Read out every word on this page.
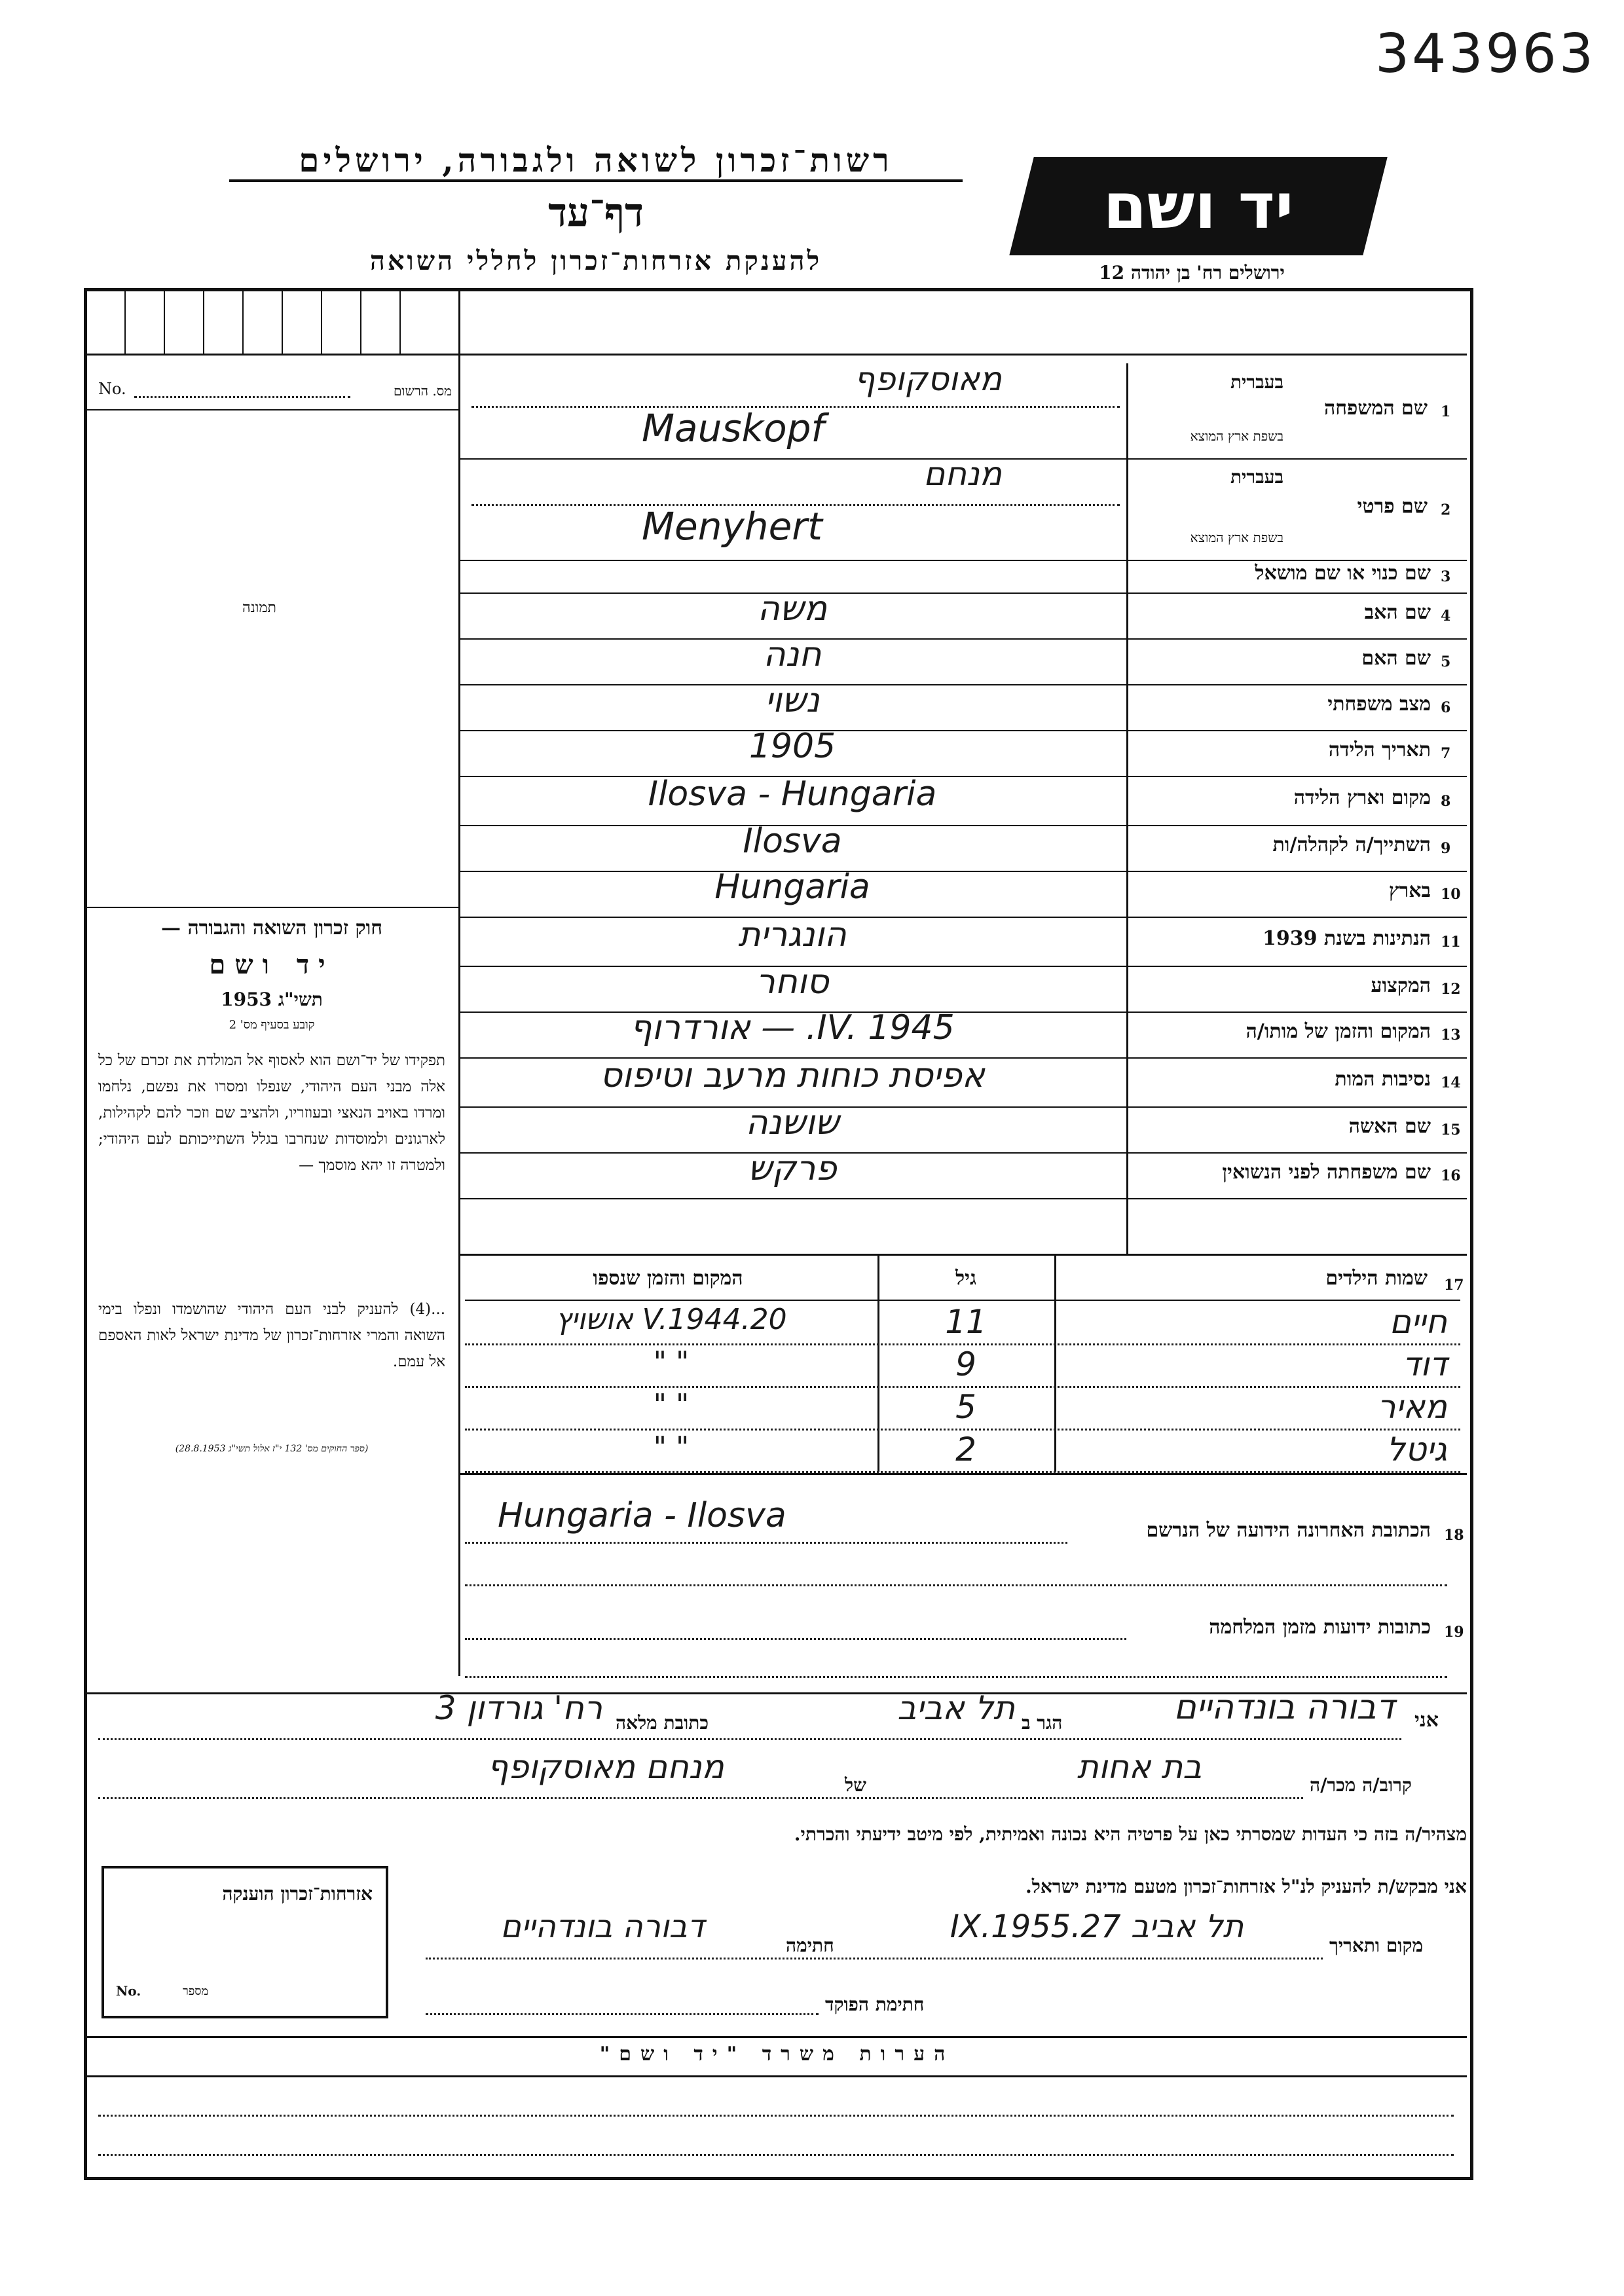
343963
רשות־זכרון לשואה ולגבורה, ירושלים
דף־עד
להענקת אזרחות־זכרון לחללי השואה
יד ושם
ירושלים רח' בן יהודה 12
No.	מס. הרשום
תמונה
חוק זכרון השואה והגבורה —
יד ושם
תשי"ג 1953
קובע בסעיף מס' 2
תפקידו של יד־ושם הוא לאסוף אל המולדת את זכרם של כל אלה מבני העם היהודי, שנפלו ומסרו את נפשם, נלחמו ומרדו באויב הנאצי ובעוזריו, ולהציב שם וזכר להם לקהילות, לארגונים ולמוסדות שנחרבו בגלל השתייכותם לעם היהודי; ולמטרה זו יהא מוסמך —
...(4) להעניק לבני העם היהודי שהושמדו ונפלו בימי השואה והמרי אזרחות־זכרון של מדינת ישראל לאות האספם אל עמם.
(ספר החוקים מס' 132 י"ז אלול תשי"ג 28.8.1953)
1
שם המשפחה
בעברית
בשפת ארץ המוצא
מאוסקופף
Mauskopf
2
שם פרטי
בעברית
בשפת ארץ המוצא
מנחם
Menyhert
3
שם כנוי או שם מושאל
4
שם האב
משה
5
שם האם
חנה
6
מצב משפחתי
נשוי
7
תאריך הלידה
1905
8
מקום וארץ הלידה
Ilosva - Hungaria
9
השתייך/ה לקהלה/ות
Ilosva
10
בארץ
Hungaria
11
הנתינות בשנת 1939
הונגרית
12
המקצוע
סוחר
13
המקום והזמן של מותו/ה
IV. 1945. — אורדרוף
14
נסיבות המות
אפיסת כוחות מרעב וטיפוס
15
שם האשה
שושנה
16
שם משפחתה לפני הנשואין
פרקש
17
שמות הילדים
גיל
המקום והזמן שנספו
חיים
11
20.V.1944 אושויץ
דוד
9
" "
מאיר
5
" "
גיטל
2
" "
18
הכתובת האחרונה הידועה של הנרשם
Hungaria - Ilosva
19
כתובות ידועות מזמן המלחמה
אני
דבורה בונדהיים
הגר ב
תל אביב
כתובת מלאה
רח' גורדון 3
קרוב/ה מכר/ה
בת אחות
של
מנחם מאוסקופף
מצהיר/ה בזה כי העדות שמסרתי כאן על פרטיה היא נכונה ואמיתית, לפי מיטב ידיעתי והכרתי.
אני מבקש/ת להעניק לנ"ל אזרחות־זכרון מטעם מדינת ישראל.
מקום ותאריך
תל אביב 27.IX.1955
חתימה
דבורה בונדהיים
חתימת הפוקד
אזרחות־זכרון הוענקה
No.	מספר
הערות משרד "יד ושם"
